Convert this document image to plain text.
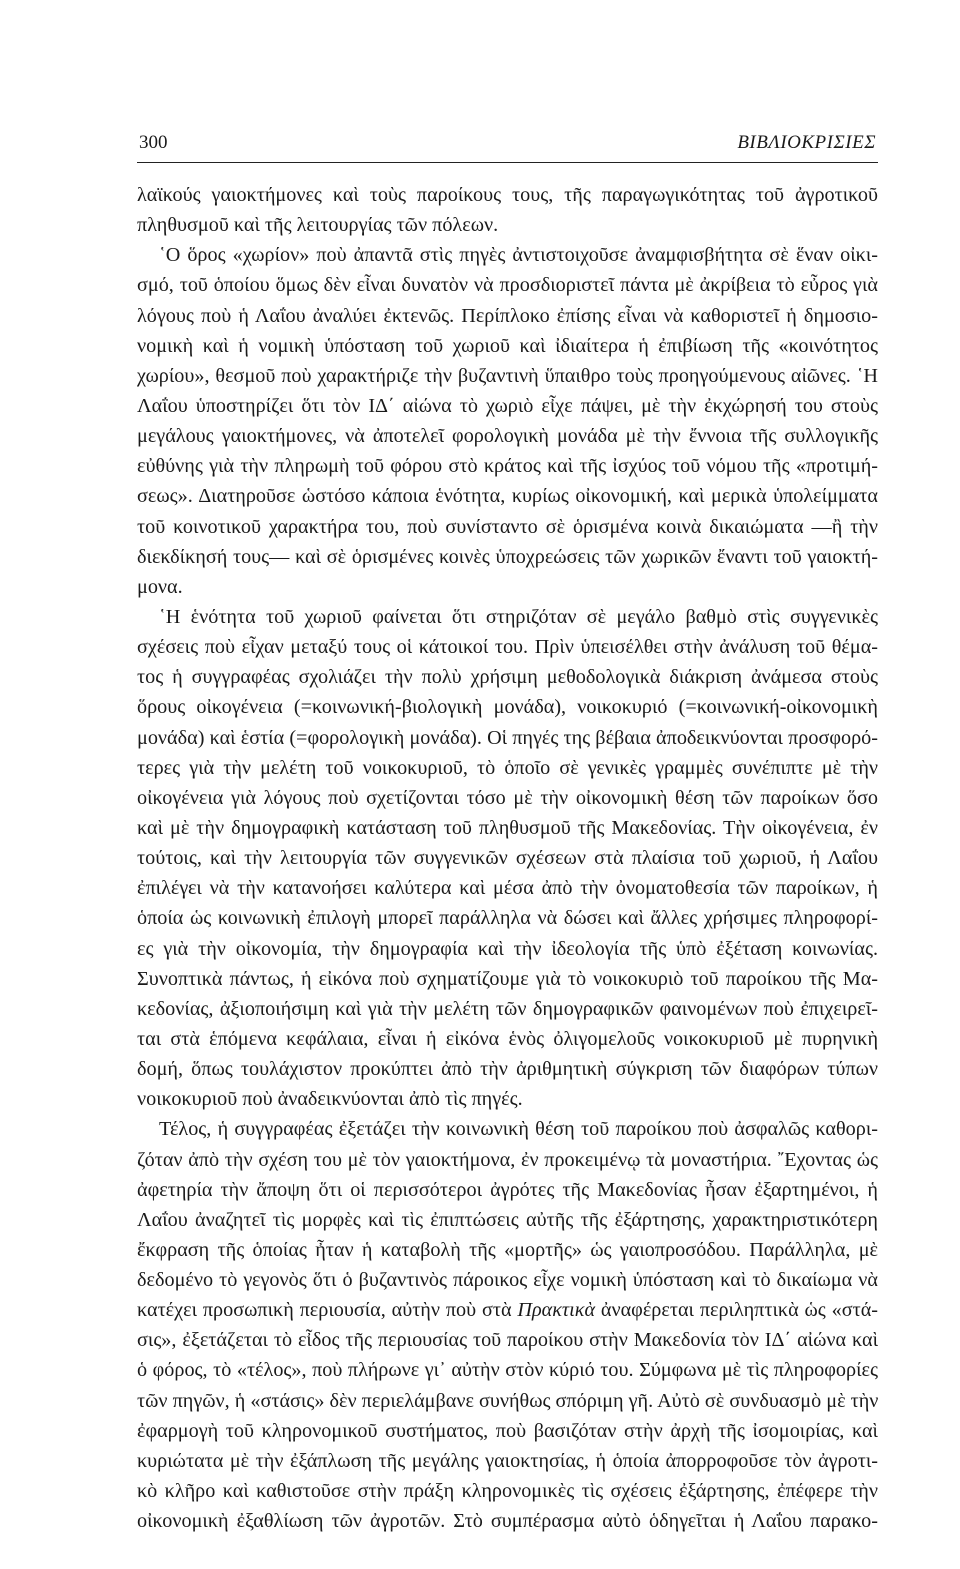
300	ΒΙΒΛΙΟΚΡΙΣΙΕΣ
λαϊκούς γαιοκτήμονες καὶ τοὺς παροίκους τους, τῆς παραγωγικότητας τοῦ ἀγροτικοῦ
πληθυσμοῦ καὶ τῆς λειτουργίας τῶν πόλεων.
῾Ο ὅρος «χωρίον» ποὺ ἀπαντᾶ στὶς πηγὲς ἀντιστοιχοῦσε ἀναμφισβήτητα σὲ ἕναν οἰκι-
σμό, τοῦ ὁποίου ὅμως δὲν εἶναι δυνατὸν νὰ προσδιοριστεῖ πάντα μὲ ἀκρίβεια τὸ εὖρος γιὰ
λόγους ποὺ ἡ Λαΐου ἀναλύει ἐκτενῶς. Περίπλοκο ἐπίσης εἶναι νὰ καθοριστεῖ ἡ δημοσιο-
νομικὴ καὶ ἡ νομικὴ ὑπόσταση τοῦ χωριοῦ καὶ ἰδιαίτερα ἡ ἐπιβίωση τῆς «κοινότητος
χωρίου», θεσμοῦ ποὺ χαρακτήριζε τὴν βυζαντινὴ ὕπαιθρο τοὺς προηγούμενους αἰῶνες. ῾Η
Λαΐου ὑποστηρίζει ὅτι τὸν ΙΔ΄ αἰώνα τὸ χωριὸ εἶχε πάψει, μὲ τὴν ἐκχώρησή του στοὺς
μεγάλους γαιοκτήμονες, νὰ ἀποτελεῖ φορολογικὴ μονάδα μὲ τὴν ἔννοια τῆς συλλογικῆς
εὐθύνης γιὰ τὴν πληρωμὴ τοῦ φόρου στὸ κράτος καὶ τῆς ἰσχύος τοῦ νόμου τῆς «προτιμή-
σεως». Διατηροῦσε ὡστόσο κάποια ἑνότητα, κυρίως οἰκονομική, καὶ μερικὰ ὑπολείμματα
τοῦ κοινοτικοῦ χαρακτήρα του, ποὺ συνίσταντο σὲ ὁρισμένα κοινὰ δικαιώματα —ἢ τὴν
διεκδίκησή τους— καὶ σὲ ὁρισμένες κοινὲς ὑποχρεώσεις τῶν χωρικῶν ἔναντι τοῦ γαιοκτή-
μονα.
῾Η ἑνότητα τοῦ χωριοῦ φαίνεται ὅτι στηριζόταν σὲ μεγάλο βαθμὸ στὶς συγγενικὲς
σχέσεις ποὺ εἶχαν μεταξύ τους οἱ κάτοικοί του. Πρὶν ὑπεισέλθει στὴν ἀνάλυση τοῦ θέμα-
τος ἡ συγγραφέας σχολιάζει τὴν πολὺ χρήσιμη μεθοδολογικὰ διάκριση ἀνάμεσα στοὺς
ὅρους οἰκογένεια (=κοινωνική-βιολογικὴ μονάδα), νοικοκυριό (=κοινωνική-οἰκονομικὴ
μονάδα) καὶ ἑστία (=φορολογικὴ μονάδα). Οἱ πηγές της βέβαια ἀποδεικνύονται προσφορό-
τερες γιὰ τὴν μελέτη τοῦ νοικοκυριοῦ, τὸ ὁποῖο σὲ γενικὲς γραμμὲς συνέπιπτε μὲ τὴν
οἰκογένεια γιὰ λόγους ποὺ σχετίζονται τόσο μὲ τὴν οἰκονομικὴ θέση τῶν παροίκων ὅσο
καὶ μὲ τὴν δημογραφικὴ κατάσταση τοῦ πληθυσμοῦ τῆς Μακεδονίας. Τὴν οἰκογένεια, ἐν
τούτοις, καὶ τὴν λειτουργία τῶν συγγενικῶν σχέσεων στὰ πλαίσια τοῦ χωριοῦ, ἡ Λαΐου
ἐπιλέγει νὰ τὴν κατανοήσει καλύτερα καὶ μέσα ἀπὸ τὴν ὀνοματοθεσία τῶν παροίκων, ἡ
ὁποία ὡς κοινωνικὴ ἐπιλογὴ μπορεῖ παράλληλα νὰ δώσει καὶ ἄλλες χρήσιμες πληροφορί-
ες γιὰ τὴν οἰκονομία, τὴν δημογραφία καὶ τὴν ἰδεολογία τῆς ὑπὸ ἐξέταση κοινωνίας.
Συνοπτικὰ πάντως, ἡ εἰκόνα ποὺ σχηματίζουμε γιὰ τὸ νοικοκυριὸ τοῦ παροίκου τῆς Μα-
κεδονίας, ἀξιοποιήσιμη καὶ γιὰ τὴν μελέτη τῶν δημογραφικῶν φαινομένων ποὺ ἐπιχειρεῖ-
ται στὰ ἑπόμενα κεφάλαια, εἶναι ἡ εἰκόνα ἑνὸς ὀλιγομελοῦς νοικοκυριοῦ μὲ πυρηνικὴ
δομή, ὅπως τουλάχιστον προκύπτει ἀπὸ τὴν ἀριθμητικὴ σύγκριση τῶν διαφόρων τύπων
νοικοκυριοῦ ποὺ ἀναδεικνύονται ἀπὸ τὶς πηγές.
Τέλος, ἡ συγγραφέας ἐξετάζει τὴν κοινωνικὴ θέση τοῦ παροίκου ποὺ ἀσφαλῶς καθορι-
ζόταν ἀπὸ τὴν σχέση του μὲ τὸν γαιοκτήμονα, ἐν προκειμένῳ τὰ μοναστήρια. ῎Εχοντας ὡς
ἀφετηρία τὴν ἄποψη ὅτι οἱ περισσότεροι ἀγρότες τῆς Μακεδονίας ἦσαν ἐξαρτημένοι, ἡ
Λαΐου ἀναζητεῖ τὶς μορφὲς καὶ τὶς ἐπιπτώσεις αὐτῆς τῆς ἐξάρτησης, χαρακτηριστικότερη
ἔκφραση τῆς ὁποίας ἦταν ἡ καταβολὴ τῆς «μορτῆς» ὡς γαιοπροσόδου. Παράλληλα, μὲ
δεδομένο τὸ γεγονὸς ὅτι ὁ βυζαντινὸς πάροικος εἶχε νομικὴ ὑπόσταση καὶ τὸ δικαίωμα νὰ
κατέχει προσωπικὴ περιουσία, αὐτὴν ποὺ στὰ Πρακτικὰ ἀναφέρεται περιληπτικὰ ὡς «στά-
σις», ἐξετάζεται τὸ εἶδος τῆς περιουσίας τοῦ παροίκου στὴν Μακεδονία τὸν ΙΔ΄ αἰώνα καὶ
ὁ φόρος, τὸ «τέλος», ποὺ πλήρωνε γι᾽ αὐτὴν στὸν κύριό του. Σύμφωνα μὲ τὶς πληροφορίες
τῶν πηγῶν, ἡ «στάσις» δὲν περιελάμβανε συνήθως σπόριμη γῆ. Αὐτὸ σὲ συνδυασμὸ μὲ τὴν
ἐφαρμογὴ τοῦ κληρονομικοῦ συστήματος, ποὺ βασιζόταν στὴν ἀρχὴ τῆς ἰσομοιρίας, καὶ
κυριώτατα μὲ τὴν ἐξάπλωση τῆς μεγάλης γαιοκτησίας, ἡ ὁποία ἀπορροφοῦσε τὸν ἀγροτι-
κὸ κλῆρο καὶ καθιστοῦσε στὴν πράξη κληρονομικὲς τὶς σχέσεις ἐξάρτησης, ἐπέφερε τὴν
οἰκονομικὴ ἐξαθλίωση τῶν ἀγροτῶν. Στὸ συμπέρασμα αὐτὸ ὁδηγεῖται ἡ Λαΐου παρακο-
